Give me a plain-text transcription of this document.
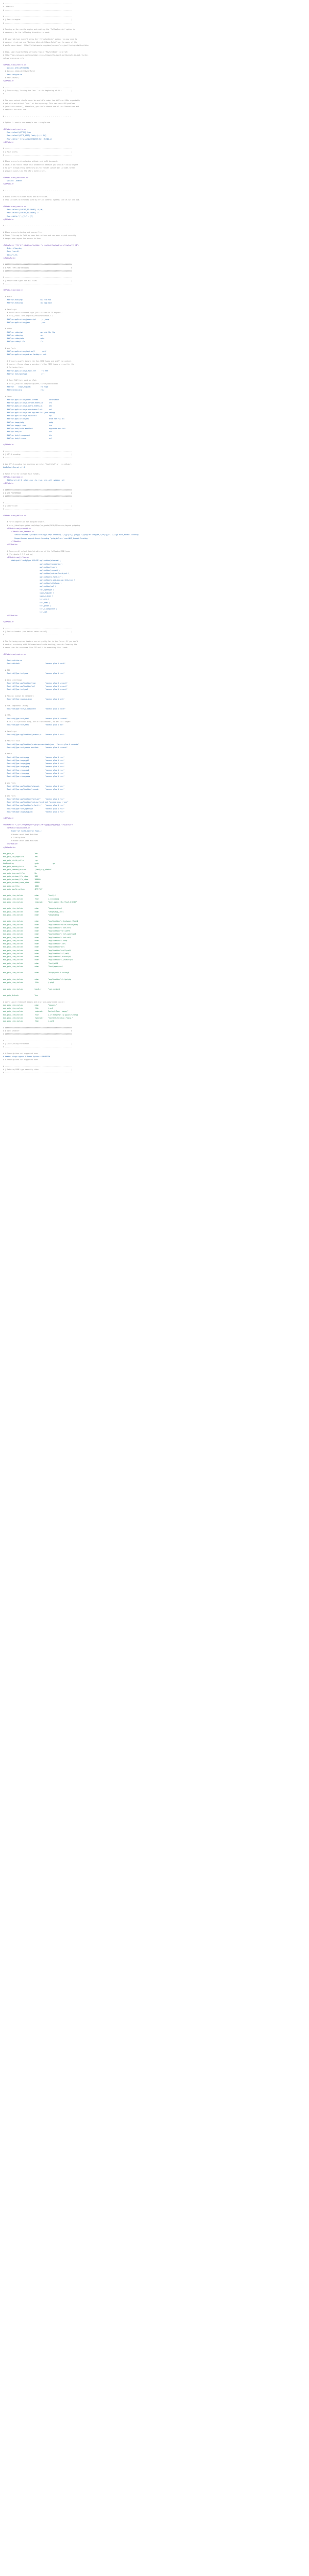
# ----------------------------------------------------------------------
# .htaccess
# ----------------------------------------------------------------------
# ----------------------------------------------------------------------
# | Rewrite engine                                                     |
# ----------------------------------------------------------------------
# Turning on the rewrite engine and enabling the `FollowSymLinks` option is
# necessary for the following directives to work.
# If your web host doesn't allow the `FollowSymlinks` option, you may need to
# comment it out and use `Options +SymLinksIfOwnerMatch` but, be aware of the
# performance impact: http://httpd.apache.org/docs/current/misc/perf-tuning.html#symlinks
# Also, some cloud hosting services require `RewriteBase` to be set:
# http://www.rackspace.com/knowledge_center/frequently-asked-question/why-is-mod-rewrite-
not-working-on-my-site
<IfModule mod_rewrite.c>
Options +FollowSymLinks
# Options +SymLinksIfOwnerMatch
RewriteEngine On
# RewriteBase /
</IfModule>
# ----------------------------------------------------------------------
# | Suppressing / Forcing the `www.` at the beginning of URLs          |
# ----------------------------------------------------------------------
# The same content should never be available under two different URLs especially
# not with and without `www.` at the beginning. This can cause SEO problems
# (duplicate content), therefore, you should choose one of the alternatives and
# redirect the other one.
# - - - - - - - - - - - - - - - - - - - - - - - - - - - - - - - - - - -
# Option 1: rewrite www.example.com → example.com
<IfModule mod_rewrite.c>
RewriteCond %{HTTPS} !=on
RewriteCond %{HTTP_HOST} ^www\.(.+)$ [NC]
RewriteRule ^ http://%1%{REQUEST_URI} [R=301,L]
</IfModule>
# ----------------------------------------------------------------------
# | File access                                                        |
# ----------------------------------------------------------------------
# Block access to directories without a default document.
# Usually you should leave this uncommented because you shouldn't allow anyone
# to surf through every directory on your server (which may includes rather
# private places like the CMS's directories).
<IfModule mod_autoindex.c>
Options -Indexes
</IfModule>
# - - - - - - - - - - - - - - - - - - - - - - - - - - - - - - - - - - -
# Block access to hidden files and directories.
# This includes directories used by version control systems such as Git and SVN.
<IfModule mod_rewrite.c>
RewriteCond %{SCRIPT_FILENAME} -d [OR]
RewriteCond %{SCRIPT_FILENAME} -f
RewriteRule "(^|/)\." - [F]
</IfModule>
# - - - - - - - - - - - - - - - - - - - - - - - - - - - - - - - - - - -
# Block access to backup and source files.
# These files may be left by some text editors and can pose a great security
# danger when anyone has access to them.
<FilesMatch "(^#.*#|\.(bak|config|dist|fla|inc|ini|log|psd|sh|sql|sw[op])|~)$">
Order allow,deny
Deny from all
Satisfy All
</FilesMatch>
# ######################################################################
# # MIME TYPES AND ENCODING                                            #
# ######################################################################
# ----------------------------------------------------------------------
# | Proper MIME types for all files                                    |
# ----------------------------------------------------------------------
<IfModule mod_mime.c>
# Audio
AddType audio/mp4                  m4a f4a f4b
AddType audio/ogg                  oga ogg opus
# JavaScript
# Normalize to standard type (it's sniffed in IE anyways):
# http://tools.ietf.org/html/rfc4329#section-7.2
AddType application/javascript      js jsonp
AddType application/json            json
# Video
AddType video/mp4                  mp4 m4v f4v f4p
AddType video/ogg                  ogv
AddType video/webm                 webm
AddType video/x-flv                flv
# Web fonts
AddType application/font-woff        woff
AddType application/vnd.ms-fontobject eot
# Browsers usually ignore the font MIME types and sniff the content,
# however, Chrome shows a warning if other MIME types are used for the
# following fonts.
AddType application/x-font-ttf      ttc ttf
AddType font/opentype               otf
# Make SVGZ fonts work on iPad:
# https://twitter.com/FontSquirrel/status/14855840545
AddType     image/svg+xml          svg svgz
AddEncoding gzip                   svgz
# Other
AddType application/octet-stream            safariextz
AddType application/x-chrome-extension      crx
AddType application/x-opera-extension       oex
AddType application/x-shockwave-flash       swf
AddType application/x-web-app-manifest+json webapp
AddType application/x-xpinstall             xpi
AddType application/xml                     atom rdf rss xml
AddType image/webp                          webp
AddType image/x-icon                        ico
AddType text/cache-manifest                 appcache manifest
AddType text/vtt                            vtt
AddType text/x-component                    htc
AddType text/x-vcard                        vcf
</IfModule>
# ----------------------------------------------------------------------
# | UTF-8 encoding                                                     |
# ----------------------------------------------------------------------
# Use UTF-8 encoding for anything served as `text/html` or `text/plain`.
AddDefaultCharset utf-8
# Force UTF-8 for certain file formats.
<IfModule mod_mime.c>
AddCharset utf-8 .atom .css .js .json .rss .vtt .webapp .xml
</IfModule>
# ######################################################################
# # WEB PERFORMANCE                                                    #
# ######################################################################
# ----------------------------------------------------------------------
# | Compression                                                        |
# ----------------------------------------------------------------------
<IfModule mod_deflate.c>
# Force compression for mangled headers.
# http://developer.yahoo.com/blogs/ydn/posts/2010/12/pushing-beyond-gzipping
<IfModule mod_setenvif.c>
<IfModule mod_headers.c>
SetEnvIfNoCase ^(Accept-EncodXng|X-cept-Encoding|X{15}|~{15}|-{15})$ ^((gzip|deflate)\s*,?\s*)+|[X~-]{4,13}$ HAVE_Accept-Encoding
RequestHeader append Accept-Encoding "gzip,deflate" env=HAVE_Accept-Encoding
</IfModule>
</IfModule>
# Compress all output labeled with one of the following MIME-types
# (for Apache 2.3.7 and up)
<IfModule mod_filter.c>
AddOutputFilterByType DEFLATE application/atom+xml \
application/javascript \
application/json \
application/rss+xml \
application/vnd.ms-fontobject \
application/x-font-ttf \
application/x-web-app-manifest+json \
application/xhtml+xml \
application/xml \
font/opentype \
image/svg+xml \
image/x-icon \
text/css \
text/html \
text/plain \
text/x-component \
text/xml
</IfModule>
</IfModule>
# ----------------------------------------------------------------------
# | Expires headers (for better cache control)                         |
# ----------------------------------------------------------------------
# The following expires headers are set pretty far in the future. If you don't
# control versioning with filename-based cache busting, consider lowering the
# cache time for resources like CSS and JS to something like 1 week.
<IfModule mod_expires.c>
ExpiresActive on
ExpiresDefault                          "access plus 1 month"
# CSS
ExpiresByType text/css                  "access plus 1 year"
# Data interchange
ExpiresByType application/json          "access plus 0 seconds"
ExpiresByType application/xml           "access plus 0 seconds"
ExpiresByType text/xml                  "access plus 0 seconds"
# Favicon (cannot be renamed!)
ExpiresByType image/x-icon              "access plus 1 week"
# HTML components (HTCs)
ExpiresByType text/x-component          "access plus 1 month"
# HTML
ExpiresByType text/html                 "access plus 0 seconds"
# This is a personal blog, not a transactional, so set this longer:
ExpiresByType text/html                 "access plus 1 day"
# JavaScript
ExpiresByType application/javascript    "access plus 1 year"
# Manifest files
ExpiresByType application/x-web-app-manifest+json   "access plus 0 seconds"
ExpiresByType text/cache-manifest       "access plus 0 seconds"
# Media
ExpiresByType audio/ogg                 "access plus 1 year"
ExpiresByType image/gif                 "access plus 1 year"
ExpiresByType image/jpeg                "access plus 1 year"
ExpiresByType image/png                 "access plus 1 year"
ExpiresByType video/mp4                 "access plus 1 year"
ExpiresByType video/ogg                 "access plus 1 year"
ExpiresByType video/webm                "access plus 1 year"
# Web feeds
ExpiresByType application/atom+xml      "access plus 1 hour"
ExpiresByType application/rss+xml       "access plus 1 hour"
# Web fonts
ExpiresByType application/font-woff     "access plus 1 year"
ExpiresByType application/vnd.ms-fontobject "access plus 1 year"
ExpiresByType application/x-font-ttf    "access plus 1 year"
ExpiresByType font/opentype             "access plus 1 year"
ExpiresByType image/svg+xml             "access plus 1 year"
</IfModule>
<FilesMatch "\.(ttf|otf|eot|woff|js|css|woff|jpg|jpeg|png|gif|svg|ico)$">
<IfModule mod_headers.c>
Header set Cache-Control "public"
# Header unset Last-Modified
# FileETag None
# Header unset Last-Modified
</IfModule>
</FilesMatch>
mod_gzip_on                      Yes
mod_gzip_can_negotiate           Yes
mod_gzip_static_suffix           .gz
AddEncoding                      gzip              .gz
mod_gzip_update_static           No
mod_gzip_command_version         '/mod_gzip_status'
mod_gzip_keep_workfiles          No
mod_gzip_minimum_file_size       500
mod_gzip_maximum_file_size       500000
mod_gzip_maximum_inmem_size      60000
mod_gzip_min_http                1000
mod_gzip_handle_methods          GET POST
mod_gzip_item_include            mime          ^text/.*
mod_gzip_item_include            file          \.(js|css)$
mod_gzip_item_exclude            reqheader     "User-agent: Mozilla/4.0[678]"
mod_gzip_item_include            mime          ^image/x-icon$
mod_gzip_item_include            mime          ^image/svg\+xml$
mod_gzip_item_include            mime          ^image/bmp$
mod_gzip_item_include            mime          ^application/x-shockwave-flash$
mod_gzip_item_include            mime          ^application/vnd.ms-fontobject$
mod_gzip_item_include            mime          ^application/x-font-ttf$
mod_gzip_item_include            mime          ^application/font-woff$
mod_gzip_item_include            mime          ^application/x-font-opentype$
mod_gzip_item_include            mime          ^application/x-font-otf$
mod_gzip_item_include            mime          ^application/x-font$
mod_gzip_item_include            mime          ^application/json$
mod_gzip_item_include            mime          ^application/xml$
mod_gzip_item_include            mime          ^application/xhtml\+xml$
mod_gzip_item_include            mime          ^application/rss\+xml$
mod_gzip_item_include            mime          ^application/javascript$
mod_gzip_item_include            mime          ^application/x-javascript$
mod_gzip_item_include            mime          ^font/otf$
mod_gzip_item_include            mime          ^font/opentype$
mod_gzip_item_include            mime          ^httpd/unix-directory$
mod_gzip_item_include            mime          ^application/x-httpd-php
mod_gzip_item_include            file          \.php$
mod_gzip_item_include            handler       ^cgi-script$
mod_gzip_dechunk                 Yes
# don't ignore redundant images and other pre-compressed content
mod_gzip_item_exclude            mime          ^image/.*
mod_gzip_item_exclude            file          \.gz$
mod_gzip_item_exclude            reqheader     Content-Type: image/*
mod_gzip_item_exclude            file          \.(?:exe|t?gz|zip|gz2|sit|rar)$
mod_gzip_item_exclude            rspheader     ^Content-Encoding:.*gzip.*
mod_gzip_item_include            file          \.xml$
# ######################################################################
# # SITE SECURITY                                                      #
# ######################################################################
# ----------------------------------------------------------------------
# | Clickjacking Protection                                            |
# ----------------------------------------------------------------------
# X-Frame-Options not supported here
# Header always append X-Frame-Options SAMEORIGIN
# X-Frame-Options not supported here
# ----------------------------------------------------------------------
# | Reducing MIME-type security risks                                  |
# ----------------------------------------------------------------------
